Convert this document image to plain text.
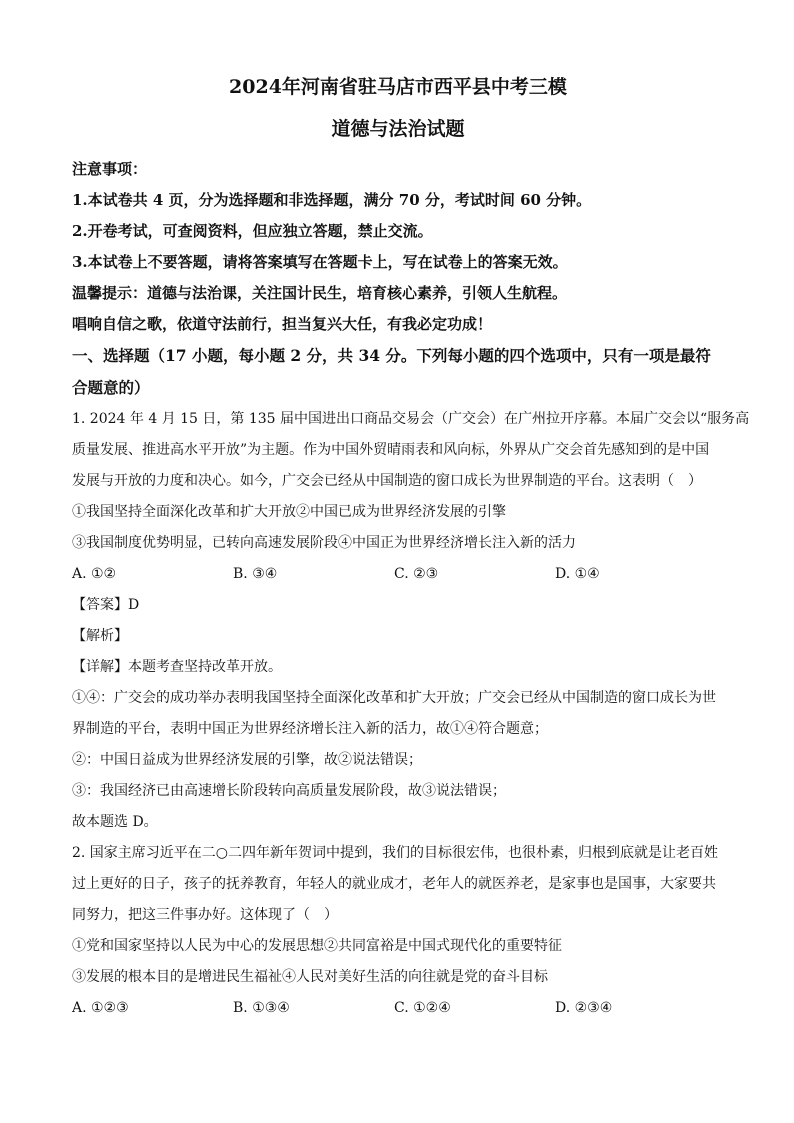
2024年河南省驻马店市西平县中考三模

道德与法治试题

注意事项：

1.本试卷共 4 页，分为选择题和非选择题，满分 70 分，考试时间 60 分钟。

2.开卷考试，可查阅资料，但应独立答题，禁止交流。

3.本试卷上不要答题，请将答案填写在答题卡上，写在试卷上的答案无效。

温馨提示：道德与法治课，关注国计民生，培育核心素养，引领人生航程。

唱响自信之歌，依道守法前行，担当复兴大任，有我必定功成！

一、选择题（17 小题，每小题 2 分，共 34 分。下列每小题的四个选项中，只有一项是最符

合题意的）

1. 2024 年 4 月 15 日，第 135 届中国进出口商品交易会（广交会）在广州拉开序幕。本届广交会以“服务高

质量发展、推进高水平开放”为主题。作为中国外贸晴雨表和风向标，外界从广交会首先感知到的是中国

发展与开放的力度和决心。如今，广交会已经从中国制造的窗口成长为世界制造的平台。这表明（　）

①我国坚持全面深化改革和扩大开放②中国已成为世界经济发展的引擎

③我国制度优势明显，已转向高速发展阶段④中国正为世界经济增长注入新的活力

A. ①②	B. ③④	C. ②③	D. ①④

【答案】D

【解析】

【详解】本题考查坚持改革开放。

①④：广交会的成功举办表明我国坚持全面深化改革和扩大开放；广交会已经从中国制造的窗口成长为世

界制造的平台，表明中国正为世界经济增长注入新的活力，故①④符合题意；

②：中国日益成为世界经济发展的引擎，故②说法错误；

③：我国经济已由高速增长阶段转向高质量发展阶段，故③说法错误；

故本题选 D。

2. 国家主席习近平在二○二四年新年贺词中提到，我们的目标很宏伟，也很朴素，归根到底就是让老百姓

过上更好的日子，孩子的抚养教育，年轻人的就业成才，老年人的就医养老，是家事也是国事，大家要共

同努力，把这三件事办好。这体现了（　）

①党和国家坚持以人民为中心的发展思想②共同富裕是中国式现代化的重要特征

③发展的根本目的是增进民生福祉④人民对美好生活的向往就是党的奋斗目标

A. ①②③	B. ①③④	C. ①②④	D. ②③④
